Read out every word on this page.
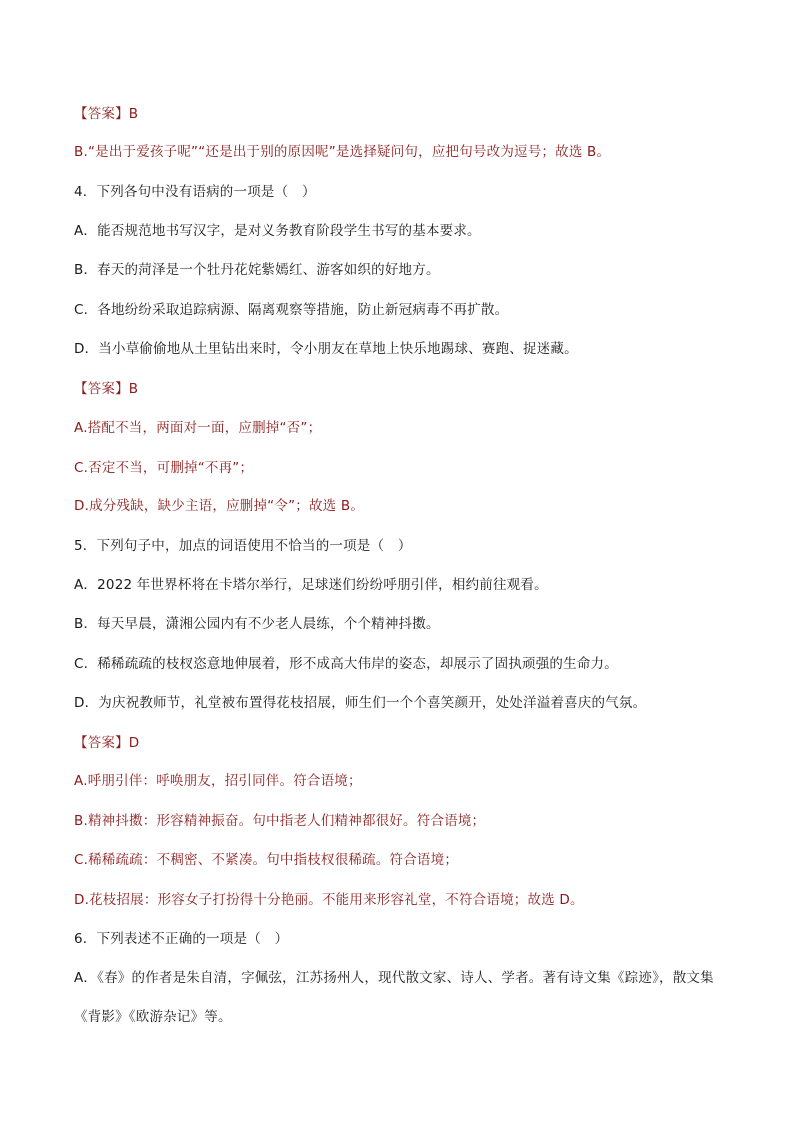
【答案】B
B.“是出于爱孩子呢”“还是出于别的原因呢”是选择疑问句，应把句号改为逗号；故选 B。
4．下列各句中没有语病的一项是（　）
A．能否规范地书写汉字，是对义务教育阶段学生书写的基本要求。
B．春天的菏泽是一个牡丹花姹紫嫣红、游客如织的好地方。
C．各地纷纷采取追踪病源、隔离观察等措施，防止新冠病毒不再扩散。
D．当小草偷偷地从土里钻出来时，令小朋友在草地上快乐地踢球、赛跑、捉迷藏。
【答案】B
A.搭配不当，两面对一面，应删掉“否”；
C.否定不当，可删掉“不再”；
D.成分残缺，缺少主语，应删掉“令”；故选 B。
5．下列句子中，加点的词语使用不恰当的一项是（　）
A．2022 年世界杯将在卡塔尔举行，足球迷们纷纷呼朋引伴，相约前往观看。
B．每天早晨，潇湘公园内有不少老人晨练，个个精神抖擞。
C．稀稀疏疏的枝杈恣意地伸展着，形不成高大伟岸的姿态，却展示了固执顽强的生命力。
D．为庆祝教师节，礼堂被布置得花枝招展，师生们一个个喜笑颜开，处处洋溢着喜庆的气氛。
【答案】D
A.呼朋引伴：呼唤朋友，招引同伴。符合语境；
B.精神抖擞：形容精神振奋。句中指老人们精神都很好。符合语境；
C.稀稀疏疏：不稠密、不紧凑。句中指枝杈很稀疏。符合语境；
D.花枝招展：形容女子打扮得十分艳丽。不能用来形容礼堂，不符合语境；故选 D。
6．下列表述不正确的一项是（　）
A．《春》的作者是朱自清，字佩弦，江苏扬州人，现代散文家、诗人、学者。著有诗文集《踪迹》，散文集
《背影》《欧游杂记》等。
